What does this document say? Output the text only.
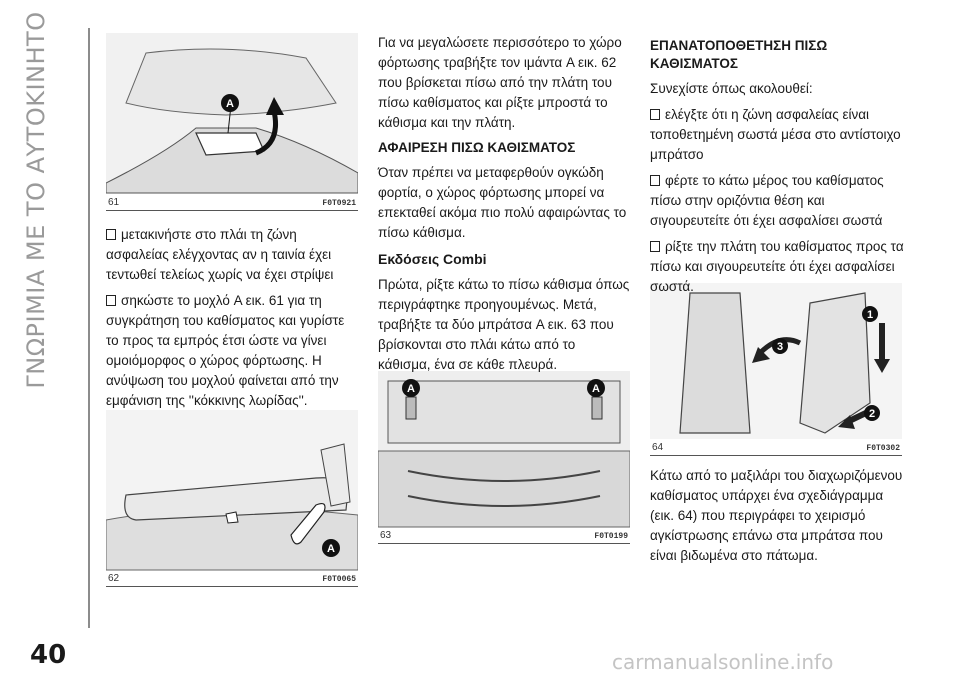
ΓΝΩΡΙΜΙΑ ΜΕ ΤΟ ΑΥΤΟΚΙΝΗΤΟ	A
61	F0T0921
A
62	F0T0065
A	A
63	F0T0199
1
2
3
64	F0T0302

μετακινήστε στο πλάι τη ζώνη ασφαλείας ελέγχοντας αν η ταινία έχει τεντωθεί τελείως χωρίς να έχει στρίψει

σηκώστε το μοχλό A εικ. 61 για τη συγκράτηση του καθίσματος και γυρίστε το προς τα εμπρός έτσι ώστε να γίνει ομοιόμορφος ο χώρος φόρτωσης. Η ανύψωση του μοχλού φαίνεται από την εμφάνιση της ''κόκκινης λωρίδας''.

Για να μεγαλώσετε περισσότερο το χώρο φόρτωσης τραβήξτε τον ιμάντα A εικ. 62 που βρίσκεται πίσω από την πλάτη του πίσω καθίσματος και ρίξτε μπροστά το κάθισμα και την πλάτη.

ΑΦΑΙΡΕΣΗ ΠΙΣΩ ΚΑΘΙΣΜΑΤΟΣ

Όταν πρέπει να μεταφερθούν ογκώδη φορτία, ο χώρος φόρτωσης μπορεί να επεκταθεί ακόμα πιο πολύ αφαιρώντας το πίσω κάθισμα.

Εκδόσεις Combi

Πρώτα, ρίξτε κάτω το πίσω κάθισμα όπως περιγράφτηκε προηγουμένως. Μετά, τραβήξτε τα δύο μπράτσα A εικ. 63 που βρίσκονται στο πλάι κάτω από το κάθισμα, ένα σε κάθε πλευρά.

ΕΠΑΝΑΤΟΠΟΘΕΤΗΣΗ ΠΙΣΩ ΚΑΘΙΣΜΑΤΟΣ

Συνεχίστε όπως ακολουθεί:

ελέγξτε ότι η ζώνη ασφαλείας είναι τοποθετημένη σωστά μέσα στο αντίστοιχο μπράτσο

φέρτε το κάτω μέρος του καθίσματος πίσω στην οριζόντια θέση και σιγουρευτείτε ότι έχει ασφαλίσει σωστά

ρίξτε την πλάτη του καθίσματος προς τα πίσω και σιγουρευτείτε ότι έχει ασφαλίσει σωστά.

Κάτω από το μαξιλάρι του διαχωριζόμενου καθίσματος υπάρχει ένα σχεδιάγραμμα (εικ. 64) που περιγράφει το χειρισμό αγκίστρωσης επάνω στα μπράτσα που είναι βιδωμένα στο πάτωμα.

40	carmanualsonline.info
